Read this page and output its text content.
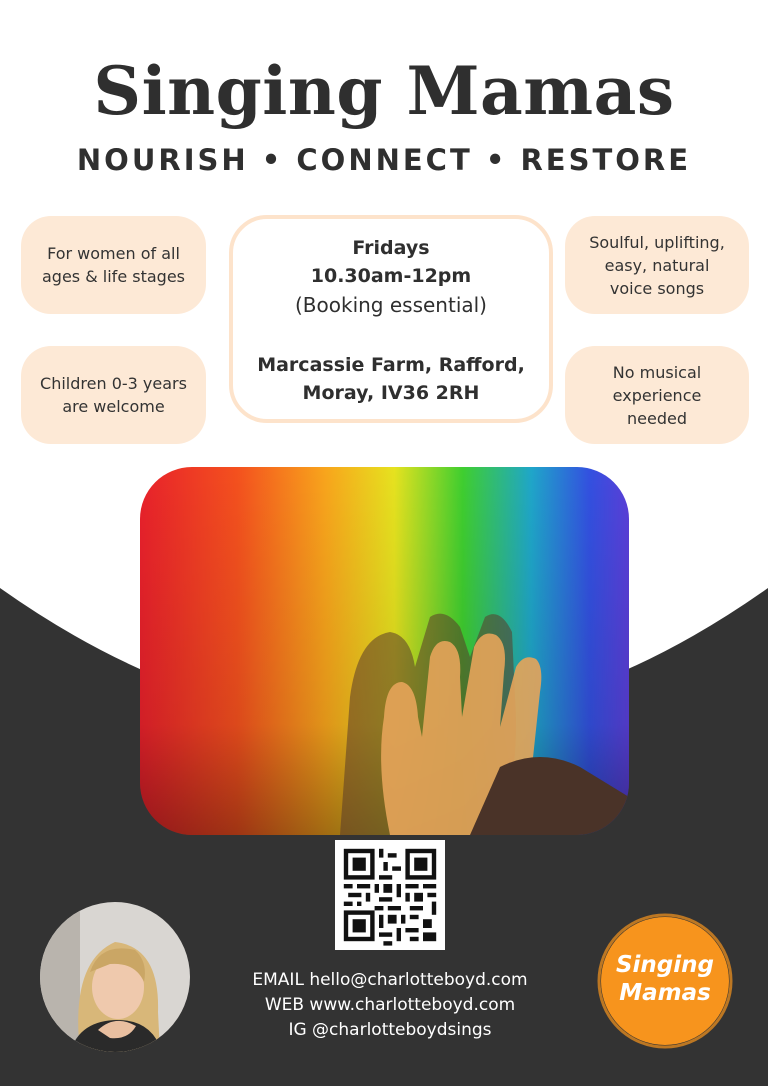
Singing Mamas
NOURISH • CONNECT • RESTORE
For women of all
ages & life stages
Children 0-3 years
are welcome
Soulful, uplifting,
easy, natural
voice songs
No musical
experience
needed
Fridays
10.30am-12pm
(Booking essential)
Marcassie Farm, Rafford,
Moray, IV36 2RH
EMAIL hello@charlotteboyd.com
WEB www.charlotteboyd.com
IG @charlotteboydsings
Singing
Mamas
